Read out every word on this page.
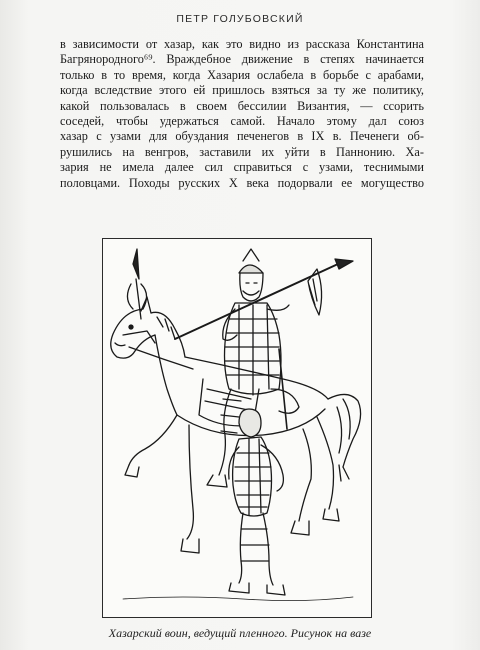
ПЕТР ГОЛУБОВСКИЙ
в зависимости от хазар, как это видно из рассказа Константина
Багрянородного⁶⁹. Враждебное движение в степях начинается
только в то время, когда Хазария ослабела в борьбе с арабами,
когда вследствие этого ей пришлось взяться за ту же политику,
какой пользовалась в своем бессилии Византия, — ссорить
соседей, чтобы удержаться самой. Начало этому дал союз
хазар с узами для обуздания печенегов в IX в. Печенеги об-
рушились на венгров, заставили их уйти в Паннонию. Ха-
зария не имела далее сил справиться с узами, теснимыми
половцами. Походы русских X века подорвали ее могущество
Хазарский воин, ведущий пленного. Рисунок на вазе
